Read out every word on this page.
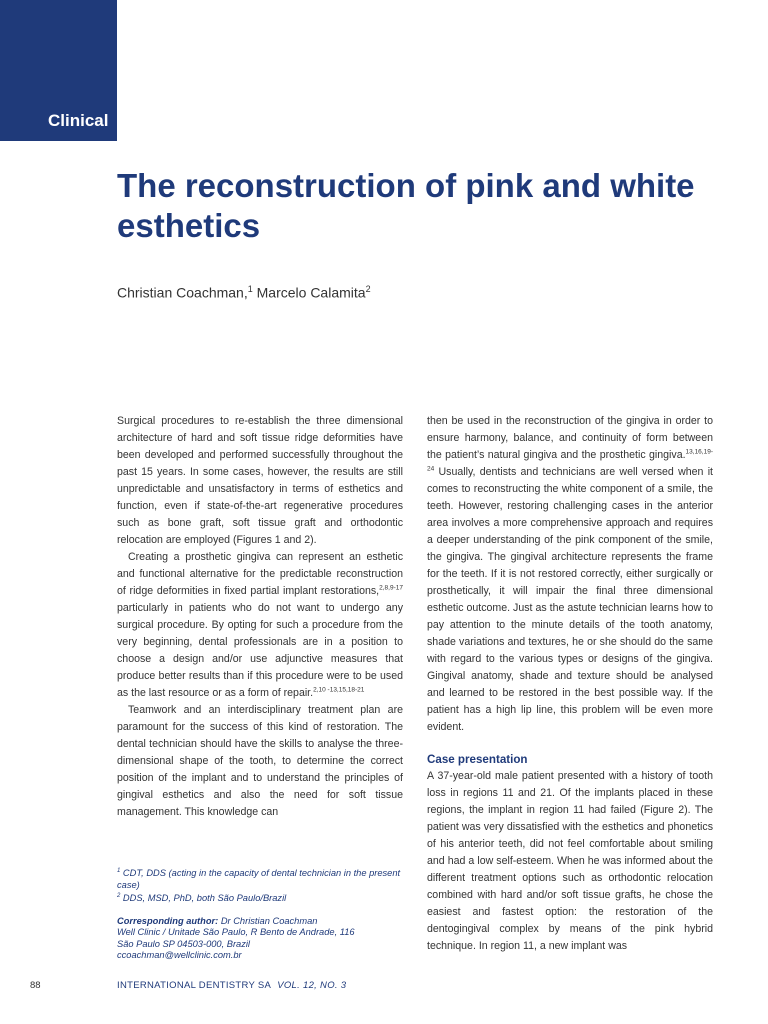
Clinical
The reconstruction of pink and white esthetics
Christian Coachman,$^1$ Marcelo Calamita$^2$

Surgical procedures to re-establish the three dimensional architecture of hard and soft tissue ridge deformities have been developed and performed successfully throughout the past 15 years. In some cases, however, the results are still unpredictable and unsatisfactory in terms of esthetics and function, even if state-of-the-art regenerative procedures such as bone graft, soft tissue graft and orthodontic relocation are employed (Figures 1 and 2).

Creating a prosthetic gingiva can represent an esthetic and functional alternative for the predictable reconstruction of ridge deformities in fixed partial implant restorations,$^{2,8,9-17}$ particularly in patients who do not want to undergo any surgical procedure. By opting for such a procedure from the very beginning, dental professionals are in a position to choose a design and/or use adjunctive measures that produce better results than if this procedure were to be used as the last resource or as a form of repair.$^{2,10 -13,15,18-21}$

Teamwork and an interdisciplinary treatment plan are paramount for the success of this kind of restoration. The dental technician should have the skills to analyse the three-dimensional shape of the tooth, to determine the correct position of the implant and to understand the principles of gingival esthetics and also the need for soft tissue management. This knowledge can

then be used in the reconstruction of the gingiva in order to ensure harmony, balance, and continuity of form between the patient’s natural gingiva and the prosthetic gingiva.$^{13,16,19-24}$ Usually, dentists and technicians are well versed when it comes to reconstructing the white component of a smile, the teeth. However, restoring challenging cases in the anterior area involves a more comprehensive approach and requires a deeper understanding of the pink component of the smile, the gingiva. The gingival architecture represents the frame for the teeth. If it is not restored correctly, either surgically or prosthetically, it will impair the final three dimensional esthetic outcome. Just as the astute technician learns how to pay attention to the minute details of the tooth anatomy, shade variations and textures, he or she should do the same with regard to the various types or designs of the gingiva. Gingival anatomy, shade and texture should be analysed and learned to be restored in the best possible way. If the patient has a high lip line, this problem will be even more evident.

Case presentation

A 37-year-old male patient presented with a history of tooth loss in regions 11 and 21. Of the implants placed in these regions, the implant in region 11 had failed (Figure 2). The patient was very dissatisfied with the esthetics and phonetics of his anterior teeth, did not feel comfortable about smiling and had a low self-esteem. When he was informed about the different treatment options such as orthodontic relocation combined with hard and/or soft tissue grafts, he chose the easiest and fastest option: the restoration of the dentogingival complex by means of the pink hybrid technique. In region 11, a new implant was

$^1$ CDT, DDS (acting in the capacity of dental technician in the present case)

$^2$ DDS, MSD, PhD, both São Paulo/Brazil

Corresponding author: Dr Christian Coachman

Well Clinic / Unitade São Paulo, R Bento de Andrade, 116

São Paulo SP 04503-000, Brazil

ccoachman@wellclinic.com.br

88	INTERNATIONAL DENTISTRY SA VOL. 12, NO. 3
